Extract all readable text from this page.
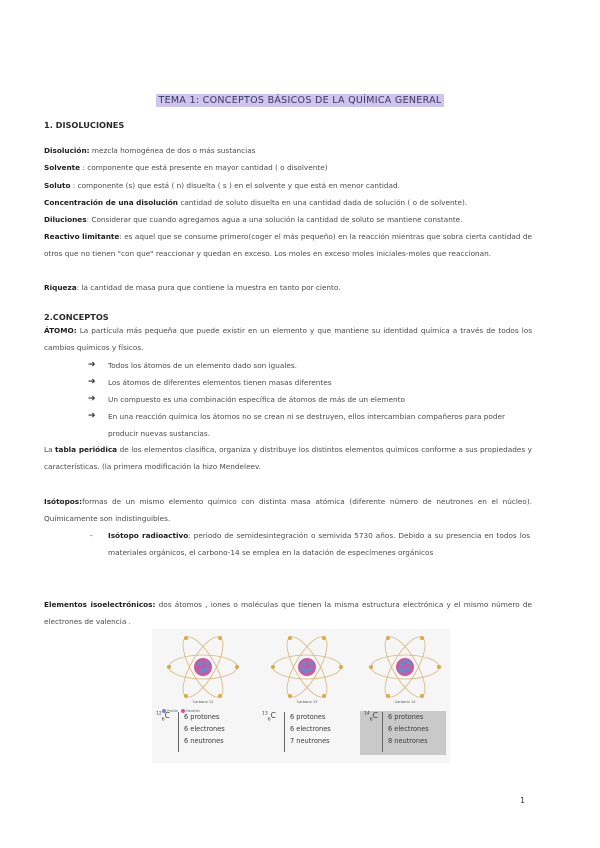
TEMA 1: CONCEPTOS BÁSICOS DE LA QUÍMICA GENERAL
1. DISOLUCIONES
Disolución: mezcla homogénea de dos o más sustancias
Solvente : componente que está presente en mayor cantidad ( o disolvente)
Soluto : componente (s) que está ( n) disuelta ( s ) en el solvente y que está en menor cantidad.
Concentración de una disolución cantidad de soluto disuelta en una cantidad dada de solución ( o de solvente).
Diluciones: Considerar que cuando agregamos agua a una solución la cantidad de soluto se mantiene constante.
Reactivo limitante: es aquel que se consume primero(coger el más pequeño) en la reacción mientras que sobra cierta cantidad de otros que no tienen "con que" reaccionar y quedan en exceso. Los moles en exceso moles iniciales-moles que reaccionan.
Riqueza: la cantidad de masa pura que contiene la muestra en tanto por ciento.
2.CONCEPTOS
ÁTOMO: La partícula más pequeña que puede existir en un elemento y que mantiene su identidad química a través de todos los cambios químicos y físicos.
➔ Todos los átomos de un elemento dado son iguales.
➔ Los átomos de diferentes elementos tienen masas diferentes
➔ Un compuesto es una combinación específica de átomos de más de un elemento
➔ En una reacción química los átomos no se crean ni se destruyen, ellos intercambian compañeros para poder producir nuevas sustancias.
La tabla periódica de los elementos clasifica, organiza y distribuye los distintos elementos químicos conforme a sus propiedades y características. (la primera modificación la hizo Mendeleev.
Isótopos:formas de un mismo elemento químico con distinta masa atómica (diferente número de neutrones en el núcleo). Químicamente son indistinguibles.
- Isótopo radioactivo: periodo de semidesintegración o semivida 5730 años. Debido a su presencia en todos los materiales orgánicos, el carbono-14 se emplea en la datación de especímenes orgánicos
Elementos isoelectrónicos: dos átomos , iones o moléculas que tienen la misma estructura electrónica y el mismo número de electrones de valencia .
Carbono 12
Protón Neutrón
Carbono 13	Carbono 14
$^{12}_6$C 6 protones
6 electrones
6 neutrones
$^{13}_6$C 6 protones
6 electrones
7 neutrones
$^{14}_6$C 6 protones
6 electrones
8 neutrones
1
